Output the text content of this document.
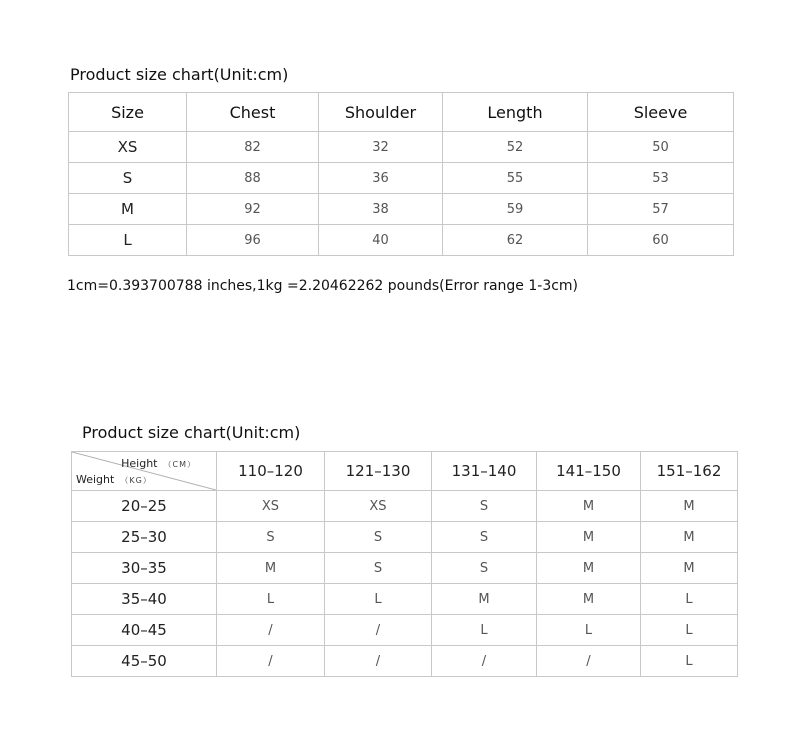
Product size chart(Unit:cm)
Size	Chest	Shoulder	Length	Sleeve
XS	82	32	52	50
S	88	36	55	53
M	92	38	59	57
L	96	40	62	60
1cm=0.393700788 inches,1kg =2.20462262 pounds(Error range 1-3cm)
Product size chart(Unit:cm)
Height （CM）
Weight （KG）	110–120	121–130	131–140	141–150	151–162
20–25	XS	XS	S	M	M
25–30	S	S	S	M	M
30–35	M	S	S	M	M
35–40	L	L	M	M	L
40–45	/	/	L	L	L
45–50	/	/	/	/	L
